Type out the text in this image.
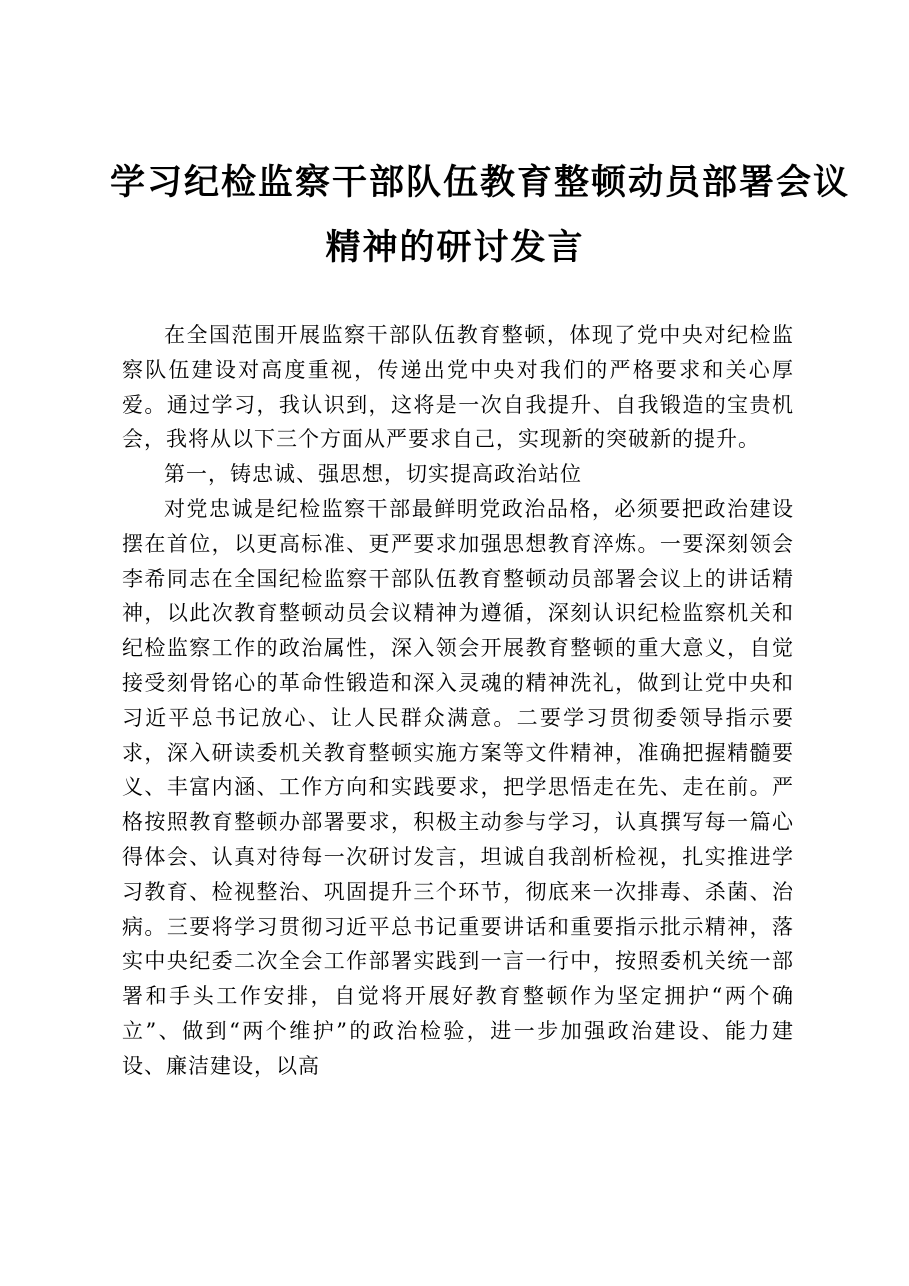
学习纪检监察干部队伍教育整顿动员部署会议
精神的研讨发言

在全国范围开展监察干部队伍教育整顿，体现了党中央对纪检监察队伍建设对高度重视，传递出党中央对我们的严格要求和关心厚爱。通过学习，我认识到，这将是一次自我提升、自我锻造的宝贵机会，我将从以下三个方面从严要求自己，实现新的突破新的提升。

第一，铸忠诚、强思想，切实提高政治站位

对党忠诚是纪检监察干部最鲜明党政治品格，必须要把政治建设摆在首位，以更高标准、更严要求加强思想教育淬炼。一要深刻领会李希同志在全国纪检监察干部队伍教育整顿动员部署会议上的讲话精神，以此次教育整顿动员会议精神为遵循，深刻认识纪检监察机关和纪检监察工作的政治属性，深入领会开展教育整顿的重大意义，自觉接受刻骨铭心的革命性锻造和深入灵魂的精神洗礼，做到让党中央和习近平总书记放心、让人民群众满意。二要学习贯彻委领导指示要求，深入研读委机关教育整顿实施方案等文件精神，准确把握精髓要义、丰富内涵、工作方向和实践要求，把学思悟走在先、走在前。严格按照教育整顿办部署要求，积极主动参与学习，认真撰写每一篇心得体会、认真对待每一次研讨发言，坦诚自我剖析检视，扎实推进学习教育、检视整治、巩固提升三个环节，彻底来一次排毒、杀菌、治病。三要将学习贯彻习近平总书记重要讲话和重要指示批示精神，落实中央纪委二次全会工作部署实践到一言一行中，按照委机关统一部署和手头工作安排，自觉将开展好教育整顿作为坚定拥护“两个确立”、做到“两个维护”的政治检验，进一步加强政治建设、能力建设、廉洁建设，以高
